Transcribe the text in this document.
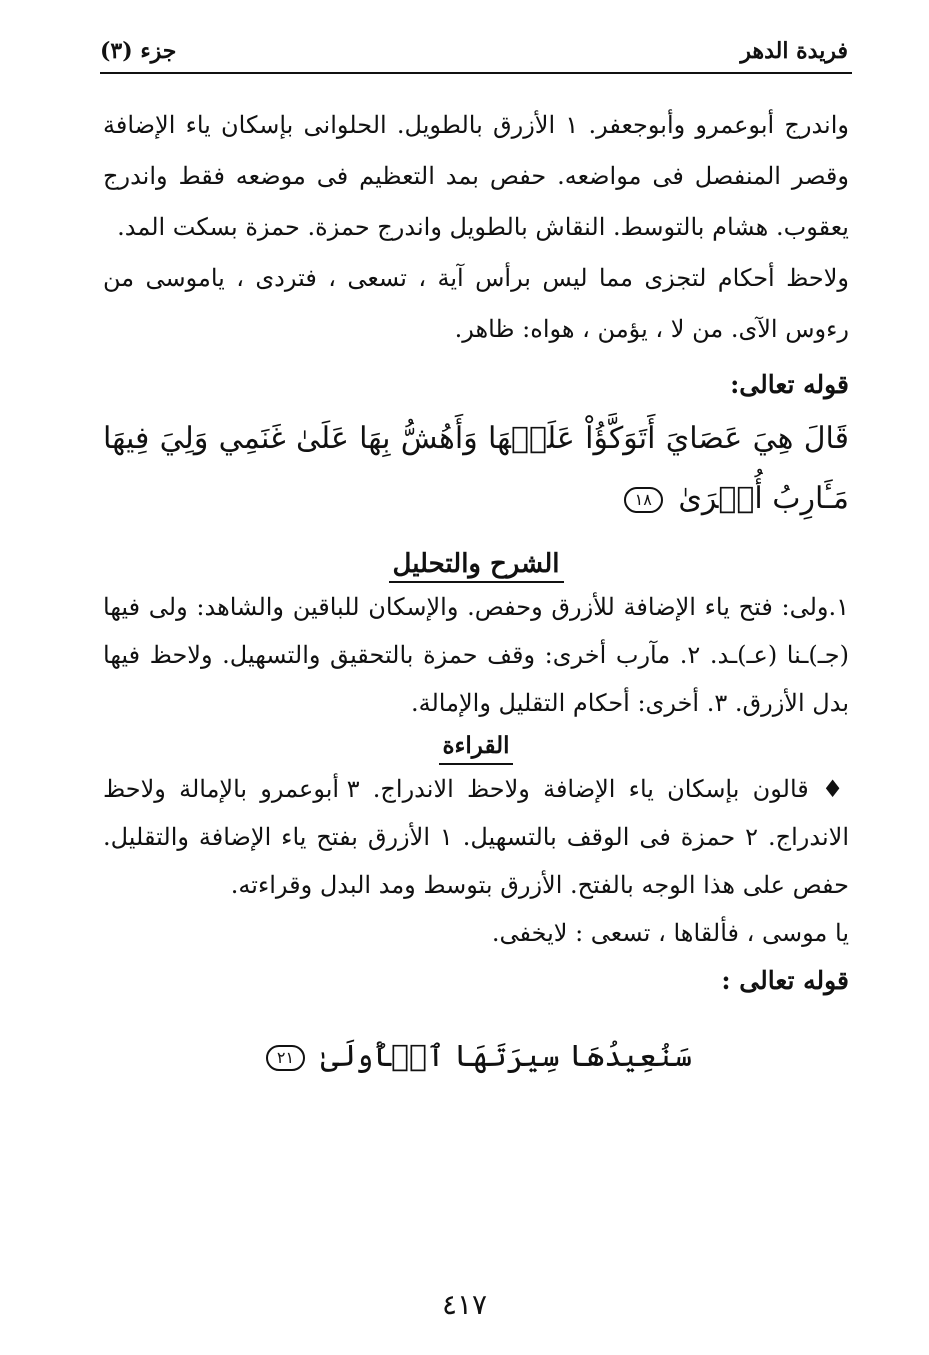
فريدة الدهر
جزء (٣)

واندرج أبوعمرو وأبوجعفر. ١ الأزرق بالطويل. الحلوانى بإسكان ياء الإضافة وقصر المنفصل فى مواضعه. حفص بمد التعظيم فى موضعه فقط واندرج يعقوب. هشام بالتوسط. النقاش بالطويل واندرج حمزة. حمزة بسكت المد.

ولاحظ أحكام لتجزى مما ليس برأس آية ، تسعى ، فتردى ، ياموسى من رءوس الآى. من لا ، يؤمن ، هواه: ظاهر.

قوله تعالى:

قَالَ هِيَ عَصَايَ أَتَوَكَّؤُاْ عَلَيۡهَا وَأَهُشُّ بِهَا عَلَىٰ غَنَمِي وَلِيَ فِيهَا مَـَٔارِبُ أُخۡرَىٰ ١٨

الشرح والتحليل

١.ولى: فتح ياء الإضافة للأزرق وحفص. والإسكان للباقين والشاهد: ولى فيها (جـ)ـنا (عـ)ـد. ٢. مآرب أخرى: وقف حمزة بالتحقيق والتسهيل. ولاحظ فيها بدل الأزرق. ٣. أخرى: أحكام التقليل والإمالة.

القراءة

♦ قالون بإسكان ياء الإضافة ولاحظ الاندراج. ٣ أبوعمرو بالإمالة ولاحظ الاندراج. ٢ حمزة فى الوقف بالتسهيل. ١ الأزرق بفتح ياء الإضافة والتقليل. حفص على هذا الوجه بالفتح. الأزرق بتوسط ومد البدل وقراءته.

يا موسى ، فألقاها ، تسعى : لايخفى.

قوله تعالى :

سَنُعِيدُهَا سِيرَتَهَا ٱلۡأُولَىٰ ٢١

٤١٧
